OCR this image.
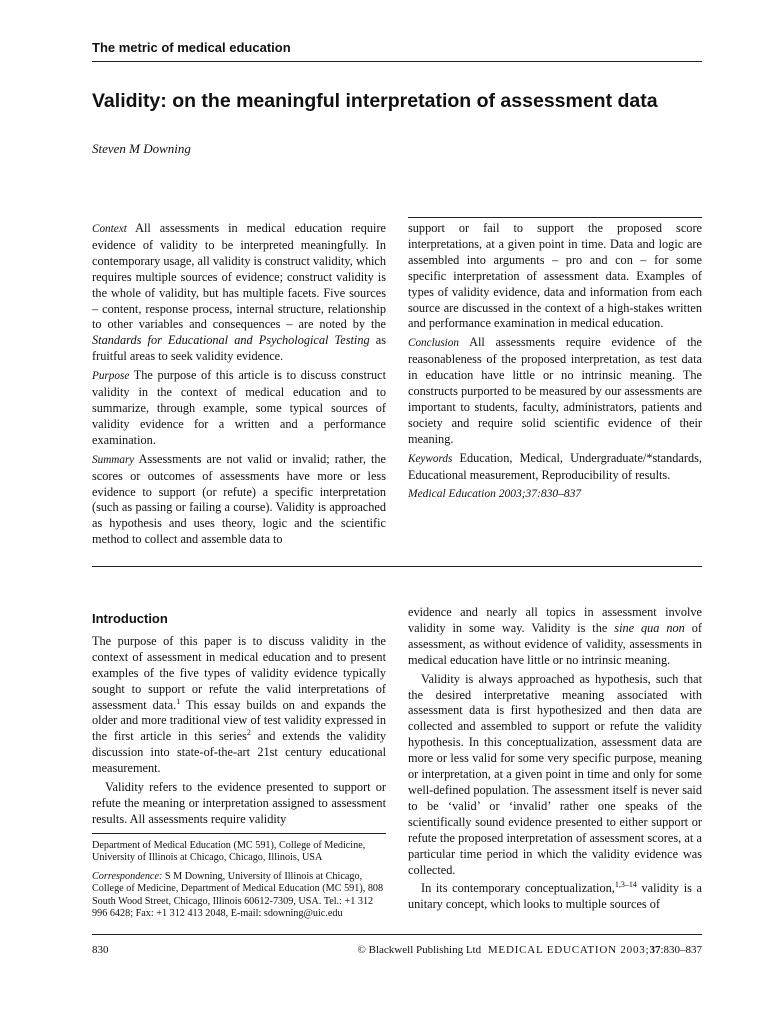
The metric of medical education
Validity: on the meaningful interpretation of assessment data
Steven M Downing

Context All assessments in medical education require evidence of validity to be interpreted meaningfully. In contemporary usage, all validity is construct validity, which requires multiple sources of evidence; construct validity is the whole of validity, but has multiple facets. Five sources – content, response process, internal structure, relationship to other variables and consequences – are noted by the Standards for Educational and Psychological Testing as fruitful areas to seek validity evidence.

Purpose The purpose of this article is to discuss construct validity in the context of medical education and to summarize, through example, some typical sources of validity evidence for a written and a performance examination.

Summary Assessments are not valid or invalid; rather, the scores or outcomes of assessments have more or less evidence to support (or refute) a specific interpretation (such as passing or failing a course). Validity is approached as hypothesis and uses theory, logic and the scientific method to collect and assemble data to

support or fail to support the proposed score interpretations, at a given point in time. Data and logic are assembled into arguments – pro and con – for some specific interpretation of assessment data. Examples of types of validity evidence, data and information from each source are discussed in the context of a high-stakes written and performance examination in medical education.

Conclusion All assessments require evidence of the reasonableness of the proposed interpretation, as test data in education have little or no intrinsic meaning. The constructs purported to be measured by our assessments are important to students, faculty, administrators, patients and society and require solid scientific evidence of their meaning.

Keywords Education, Medical, Undergraduate/*standards, Educational measurement, Reproducibility of results.

Medical Education 2003;37:830–837

Introduction

The purpose of this paper is to discuss validity in the context of assessment in medical education and to present examples of the five types of validity evidence typically sought to support or refute the valid interpretations of assessment data.$^1$ This essay builds on and expands the older and more traditional view of test validity expressed in the first article in this series$^2$ and extends the validity discussion into state-of-the-art 21st century educational measurement.

Validity refers to the evidence presented to support or refute the meaning or interpretation assigned to assessment results. All assessments require validity

Department of Medical Education (MC 591), College of Medicine, University of Illinois at Chicago, Chicago, Illinois, USA

Correspondence: S M Downing, University of Illinois at Chicago, College of Medicine, Department of Medical Education (MC 591), 808 South Wood Street, Chicago, Illinois 60612-7309, USA. Tel.: +1 312 996 6428; Fax: +1 312 413 2048, E-mail: sdowning@uic.edu

evidence and nearly all topics in assessment involve validity in some way. Validity is the sine qua non of assessment, as without evidence of validity, assessments in medical education have little or no intrinsic meaning.

Validity is always approached as hypothesis, such that the desired interpretative meaning associated with assessment data is first hypothesized and then data are collected and assembled to support or refute the validity hypothesis. In this conceptualization, assessment data are more or less valid for some very specific purpose, meaning or interpretation, at a given point in time and only for some well-defined population. The assessment itself is never said to be ‘valid’ or ‘invalid’ rather one speaks of the scientifically sound evidence presented to either support or refute the proposed interpretation of assessment scores, at a particular time period in which the validity evidence was collected.

In its contemporary conceptualization,$^{1,3-14}$ validity is a unitary concept, which looks to multiple sources of

830	© Blackwell Publishing Ltd MEDICAL EDUCATION 2003;37:830–837
